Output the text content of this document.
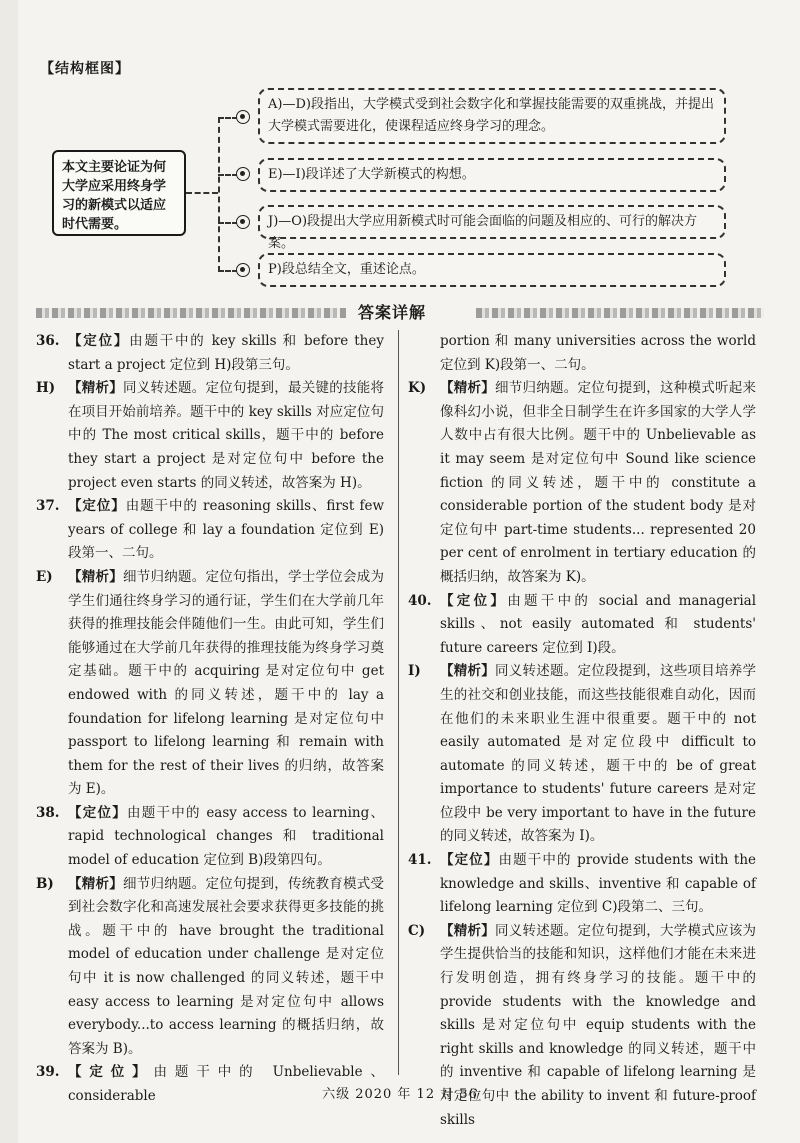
【结构框图】
本文主要论证为何大学应采用终身学习的新模式以适应时代需要。
A)—D)段指出，大学模式受到社会数字化和掌握技能需要的双重挑战，并提出大学模式需要进化，使课程适应终身学习的理念。
E)—I)段详述了大学新模式的构想。
J)—O)段提出大学应用新模式时可能会面临的问题及相应的、可行的解决方案。
P)段总结全文，重述论点。
答案详解
36. 【定位】由题干中的 key skills 和 before they start a project 定位到 H)段第三句。
H) 【精析】同义转述题。定位句提到，最关键的技能将在项目开始前培养。题干中的 key skills 对应定位句中的 The most critical skills，题干中的 before they start a project 是对定位句中 before the project even starts 的同义转述，故答案为 H)。
37. 【定位】由题干中的 reasoning skills、first few years of college 和 lay a foundation 定位到 E)段第一、二句。
E) 【精析】细节归纳题。定位句指出，学士学位会成为学生们通往终身学习的通行证，学生们在大学前几年获得的推理技能会伴随他们一生。由此可知，学生们能够通过在大学前几年获得的推理技能为终身学习奠定基础。题干中的 acquiring 是对定位句中 get endowed with 的同义转述，题干中的 lay a foundation for lifelong learning 是对定位句中 passport to lifelong learning 和 remain with them for the rest of their lives 的归纳，故答案为 E)。
38. 【定位】由题干中的 easy access to learning、rapid technological changes 和 traditional model of education 定位到 B)段第四句。
B) 【精析】细节归纳题。定位句提到，传统教育模式受到社会数字化和高速发展社会要求获得更多技能的挑战。题干中的 have brought the traditional model of education under challenge 是对定位句中 it is now challenged 的同义转述，题干中 easy access to learning 是对定位句中 allows everybody...to access learning 的概括归纳，故答案为 B)。
39. 【定位】由题干中的 Unbelievable、considerable
portion 和 many universities across the world 定位到 K)段第一、二句。
K) 【精析】细节归纳题。定位句提到，这种模式听起来像科幻小说，但非全日制学生在许多国家的大学人学人数中占有很大比例。题干中的 Unbelievable as it may seem 是对定位句中 Sound like science fiction 的同义转述，题干中的 constitute a considerable portion of the student body 是对定位句中 part-time students... represented 20 per cent of enrolment in tertiary education 的概括归纳，故答案为 K)。
40. 【定位】由题干中的 social and managerial skills、not easily automated 和 students' future careers 定位到 I)段。
I) 【精析】同义转述题。定位段提到，这些项目培养学生的社交和创业技能，而这些技能很难自动化，因而在他们的未来职业生涯中很重要。题干中的 not easily automated 是对定位段中 difficult to automate 的同义转述，题干中的 be of great importance to students' future careers 是对定位段中 be very important to have in the future 的同义转述，故答案为 I)。
41. 【定位】由题干中的 provide students with the knowledge and skills、inventive 和 capable of lifelong learning 定位到 C)段第二、三句。
C) 【精析】同义转述题。定位句提到，大学模式应该为学生提供恰当的技能和知识，这样他们才能在未来进行发明创造，拥有终身学习的技能。题干中的 provide students with the knowledge and skills 是对定位句中 equip students with the right skills and knowledge 的同义转述，题干中的 inventive 和 capable of lifelong learning 是对定位句中 the ability to invent 和 future-proof skills
六级 2020 年 12 月 56
